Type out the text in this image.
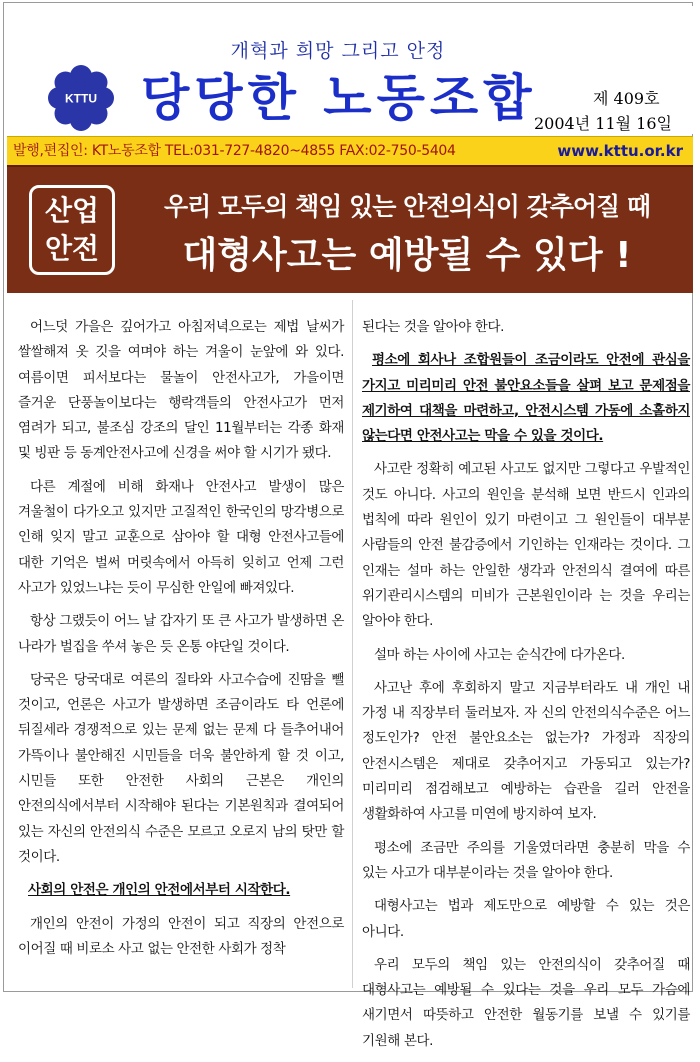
개혁과 희망 그리고 안정
KTTU 당당한 노동조합	제 409호
2004년 11월 16일
발행,편집인: KT노동조합 TEL:031-727-4820~4855 FAX:02-750-5404	www.kttu.or.kr
산업
안전
우리 모두의 책임 있는 안전의식이 갖추어질 때
대형사고는 예방될 수 있다 !

어느덧 가을은 깊어가고 아침저녁으로는 제법 날씨가 쌀쌀해져 옷 깃을 여며야 하는 겨울이 눈앞에 와 있다. 여름이면 피서보다는 물놀이 안전사고가, 가을이면 즐거운 단풍놀이보다는 행락객들의 안전사고가 먼저 염려가 되고, 불조심 강조의 달인 11월부터는 각종 화재 및 빙판 등 동계안전사고에 신경을 써야 할 시기가 됐다.

다른 계절에 비해 화재나 안전사고 발생이 많은 겨울철이 다가오고 있지만 고질적인 한국인의 망각병으로 인해 잊지 말고 교훈으로 삼아야 할 대형 안전사고들에 대한 기억은 벌써 머릿속에서 아득히 잊히고 언제 그런 사고가 있었느냐는 듯이 무심한 안일에 빠져있다.

항상 그랬듯이 어느 날 갑자기 또 큰 사고가 발생하면 온 나라가 벌집을 쑤셔 놓은 듯 온통 야단일 것이다.

당국은 당국대로 여론의 질타와 사고수습에 진땀을 뺄 것이고, 언론은 사고가 발생하면 조금이라도 타 언론에 뒤질세라 경쟁적으로 있는 문제 없는 문제 다 들추어내어 가뜩이나 불안해진 시민들을 더욱 불안하게 할 것 이고, 시민들 또한 안전한 사회의 근본은 개인의 안전의식에서부터 시작해야 된다는 기본원칙과 결여되어 있는 자신의 안전의식 수준은 모르고 오로지 남의 탓만 할 것이다.

사회의 안전은 개인의 안전에서부터 시작한다.

개인의 안전이 가정의 안전이 되고 직장의 안전으로 이어질 때 비로소 사고 없는 안전한 사회가 정착

된다는 것을 알아야 한다.

평소에 회사나 조합원들이 조금이라도 안전에 관심을 가지고 미리미리 안전 불안요소들을 살펴 보고 문제점을 제기하여 대책을 마련하고, 안전시스템 가동에 소홀하지 않는다면 안전사고는 막을 수 있을 것이다.

사고란 정확히 예고된 사고도 없지만 그렇다고 우발적인 것도 아니다. 사고의 원인을 분석해 보면 반드시 인과의 법칙에 따라 원인이 있기 마련이고 그 원인들이 대부분 사람들의 안전 불감증에서 기인하는 인재라는 것이다. 그 인재는 설마 하는 안일한 생각과 안전의식 결여에 따른 위기관리시스템의 미비가 근본원인이라 는 것을 우리는 알아야 한다.

설마 하는 사이에 사고는 순식간에 다가온다.

사고난 후에 후회하지 말고 지금부터라도 내 개인 내 가정 내 직장부터 둘러보자. 자 신의 안전의식수준은 어느 정도인가? 안전 불안요소는 없는가? 가정과 직장의 안전시스템은 제대로 갖추어지고 가동되고 있는가? 미리미리 점검해보고 예방하는 습관을 길러 안전을 생활화하여 사고를 미연에 방지하여 보자.

평소에 조금만 주의를 기울였더라면 충분히 막을 수 있는 사고가 대부분이라는 것을 알아야 한다.

대형사고는 법과 제도만으로 예방할 수 있는 것은 아니다.

우리 모두의 책임 있는 안전의식이 갖추어질 때 대형사고는 예방될 수 있다는 것을 우리 모두 가슴에 새기면서 따뜻하고 안전한 월동기를 보낼 수 있기를 기원해 본다.
